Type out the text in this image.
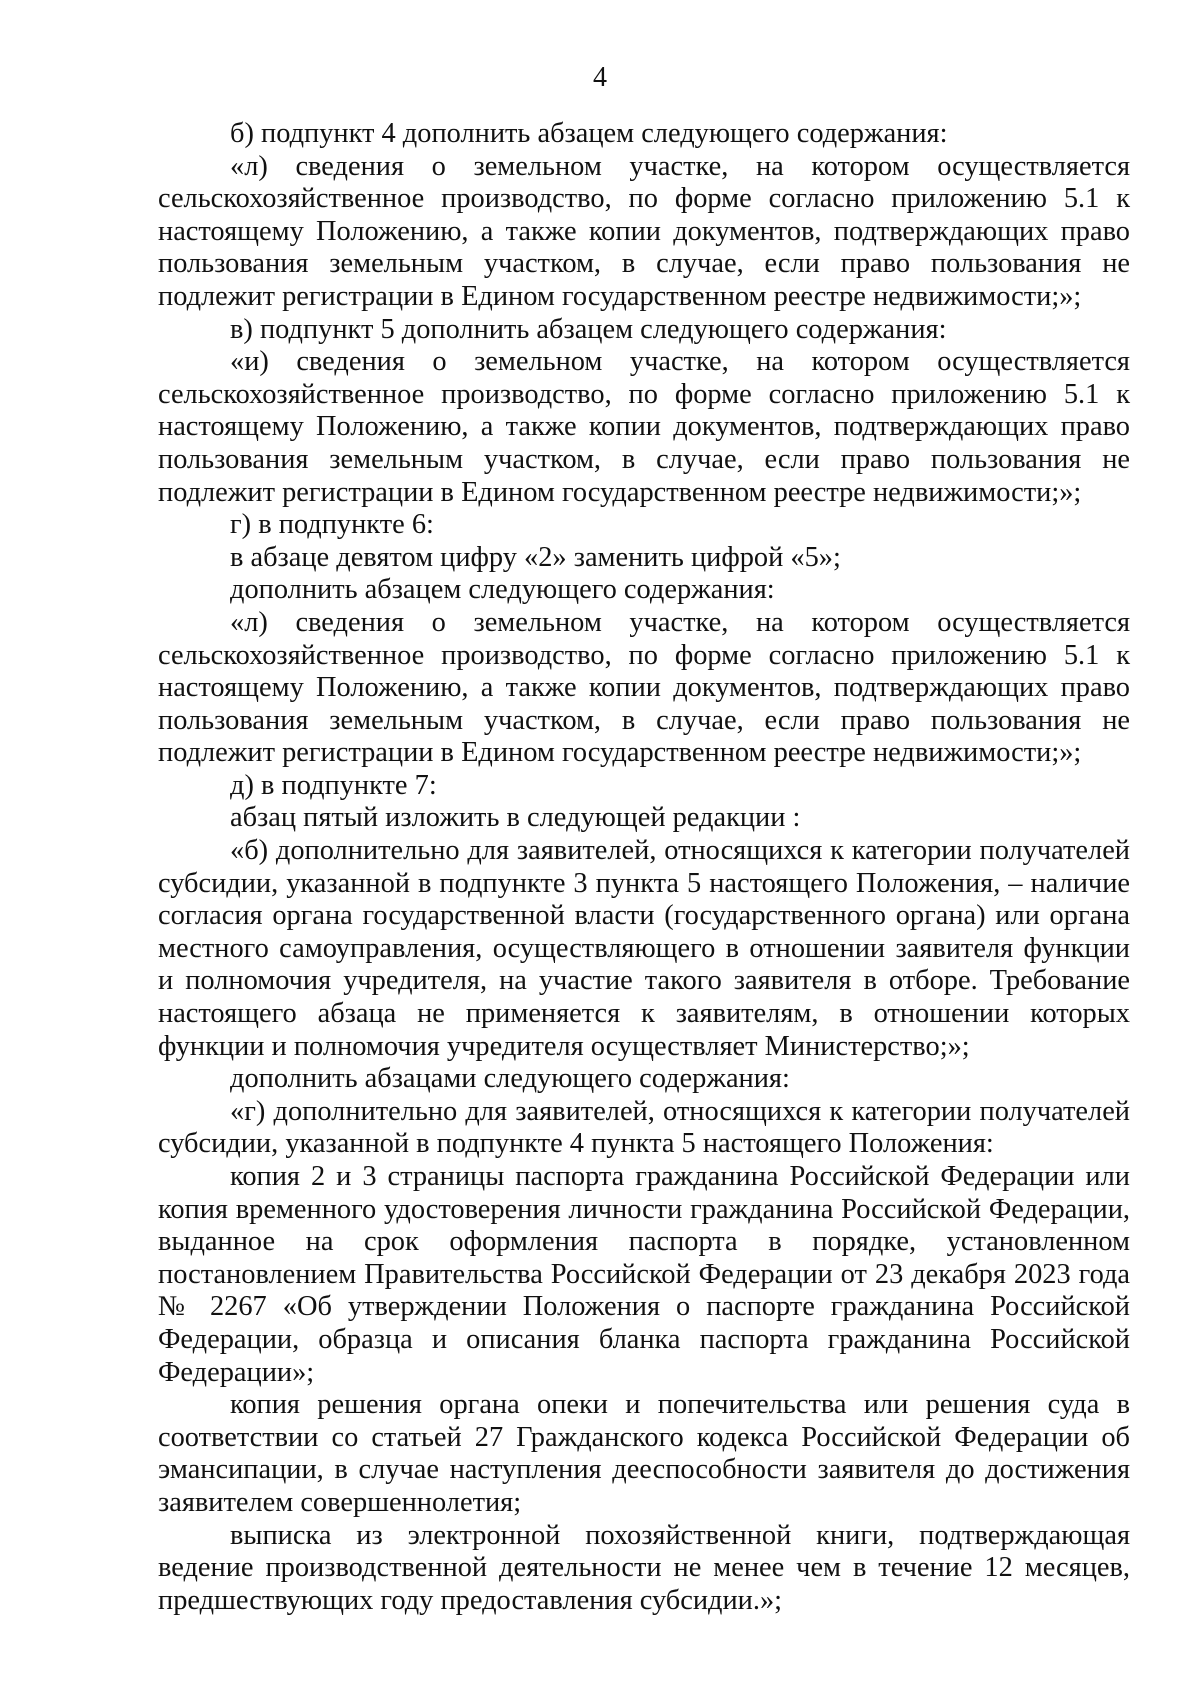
4

б) подпункт 4 дополнить абзацем следующего содержания:

«л) сведения о земельном участке, на котором осуществляется сельскохозяйственное производство, по форме согласно приложению 5.1 к настоящему Положению, а также копии документов, подтверждающих право пользования земельным участком, в случае, если право пользования не подлежит регистрации в Едином государственном реестре недвижимости;»;

в) подпункт 5 дополнить абзацем следующего содержания:

«и) сведения о земельном участке, на котором осуществляется сельскохозяйственное производство, по форме согласно приложению 5.1 к настоящему Положению, а также копии документов, подтверждающих право пользования земельным участком, в случае, если право пользования не подлежит регистрации в Едином государственном реестре недвижимости;»;

г) в подпункте 6:

в абзаце девятом цифру «2» заменить цифрой «5»;

дополнить абзацем следующего содержания:

«л) сведения о земельном участке, на котором осуществляется сельскохозяйственное производство, по форме согласно приложению 5.1 к настоящему Положению, а также копии документов, подтверждающих право пользования земельным участком, в случае, если право пользования не подлежит регистрации в Едином государственном реестре недвижимости;»;

д) в подпункте 7:

абзац пятый изложить в следующей редакции :

«б) дополнительно для заявителей, относящихся к категории получателей субсидии, указанной в подпункте 3 пункта 5 настоящего Положения, – наличие согласия органа государственной власти (государственного органа) или органа местного самоуправления, осуществляющего в отношении заявителя функции и полномочия учредителя, на участие такого заявителя в отборе. Требование настоящего абзаца не применяется к заявителям, в отношении которых функции и полномочия учредителя осуществляет Министерство;»;

дополнить абзацами следующего содержания:

«г) дополнительно для заявителей, относящихся к категории получателей субсидии, указанной в подпункте 4 пункта 5 настоящего Положения:

копия 2 и 3 страницы паспорта гражданина Российской Федерации или копия временного удостоверения личности гражданина Российской Федерации, выданное на срок оформления паспорта в порядке, установленном постановлением Правительства Российской Федерации от 23 декабря 2023 года № 2267 «Об утверждении Положения о паспорте гражданина Российской Федерации, образца и описания бланка паспорта гражданина Российской Федерации»;

копия решения органа опеки и попечительства или решения суда в соответствии со статьей 27 Гражданского кодекса Российской Федерации об эмансипации, в случае наступления дееспособности заявителя до достижения заявителем совершеннолетия;

выписка из электронной похозяйственной книги, подтверждающая ведение производственной деятельности не менее чем в течение 12 месяцев, предшествующих году предоставления субсидии.»;
